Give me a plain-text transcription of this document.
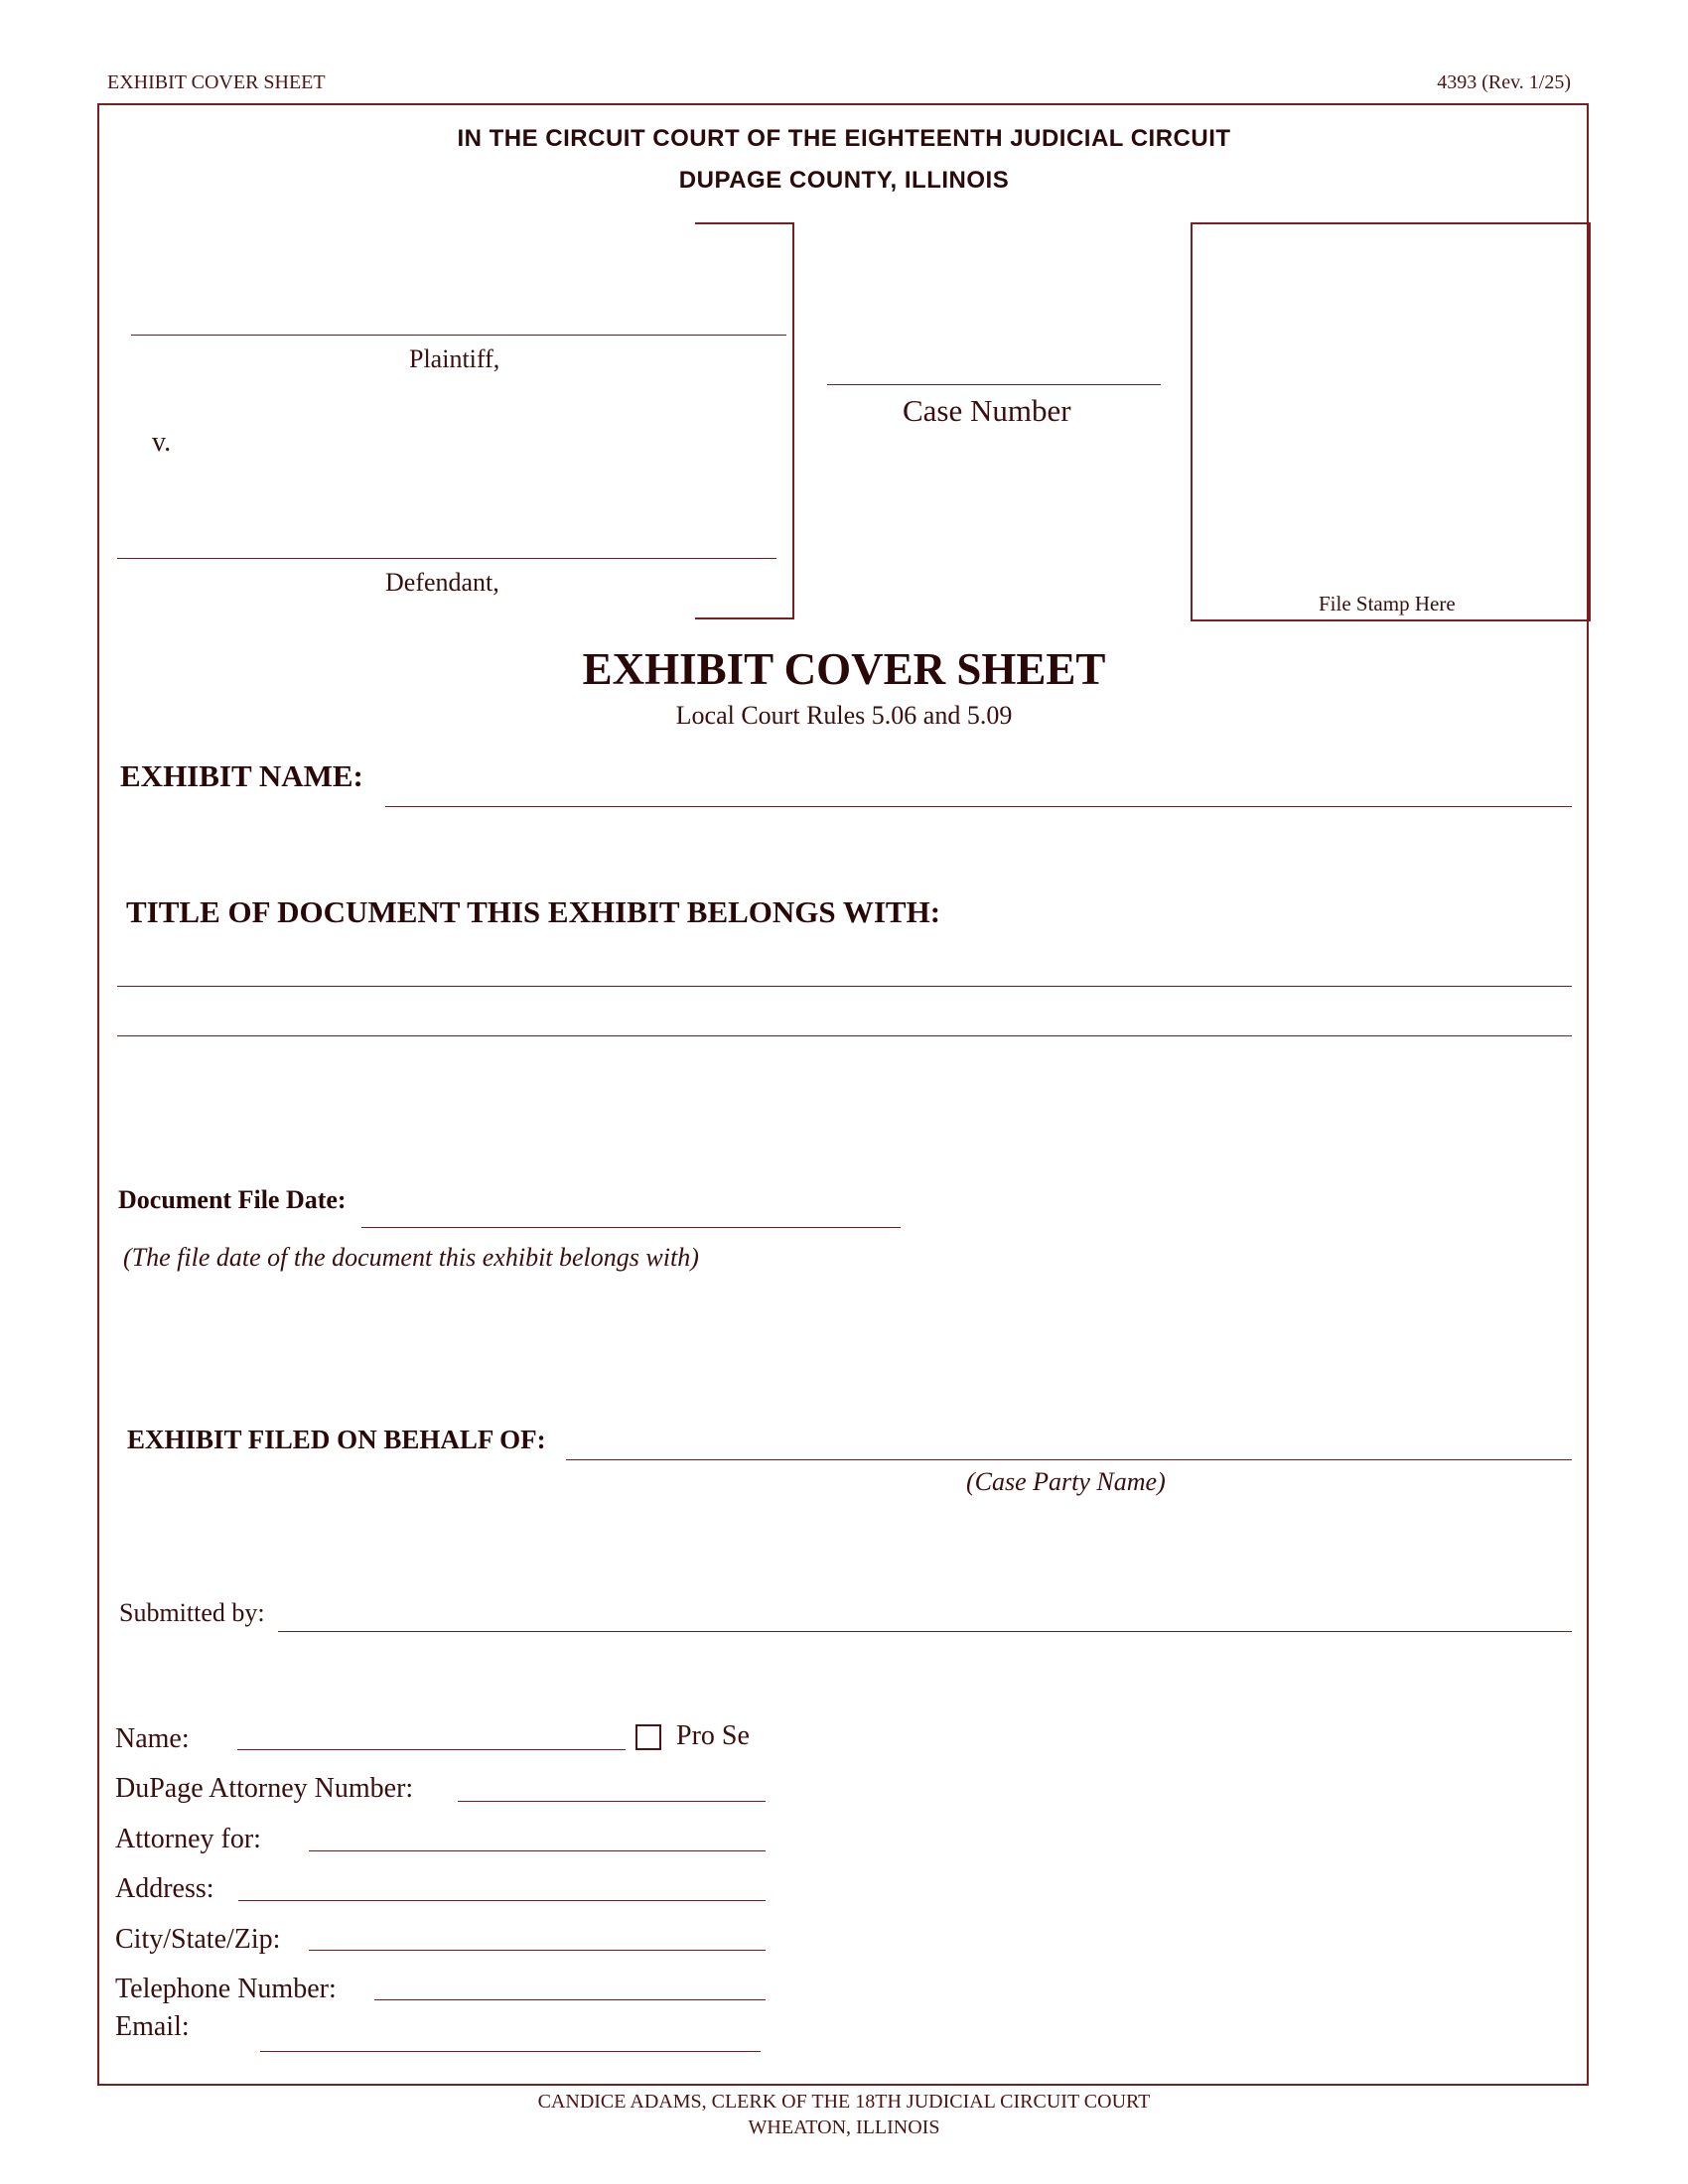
EXHIBIT COVER SHEET	4393 (Rev. 1/25)
IN THE CIRCUIT COURT OF THE EIGHTEENTH JUDICIAL CIRCUIT
DUPAGE COUNTY, ILLINOIS
Plaintiff,
v.
Defendant,
Case Number
File Stamp Here
EXHIBIT COVER SHEET
Local Court Rules 5.06 and 5.09
EXHIBIT NAME:
TITLE OF DOCUMENT THIS EXHIBIT BELONGS WITH:
Document File Date:
(The file date of the document this exhibit belongs with)
EXHIBIT FILED ON BEHALF OF:
(Case Party Name)
Submitted by:
Name:	Pro Se
DuPage Attorney Number:
Attorney for:
Address:
City/State/Zip:
Telephone Number:
Email:
CANDICE ADAMS, CLERK OF THE 18TH JUDICIAL CIRCUIT COURT
WHEATON, ILLINOIS
